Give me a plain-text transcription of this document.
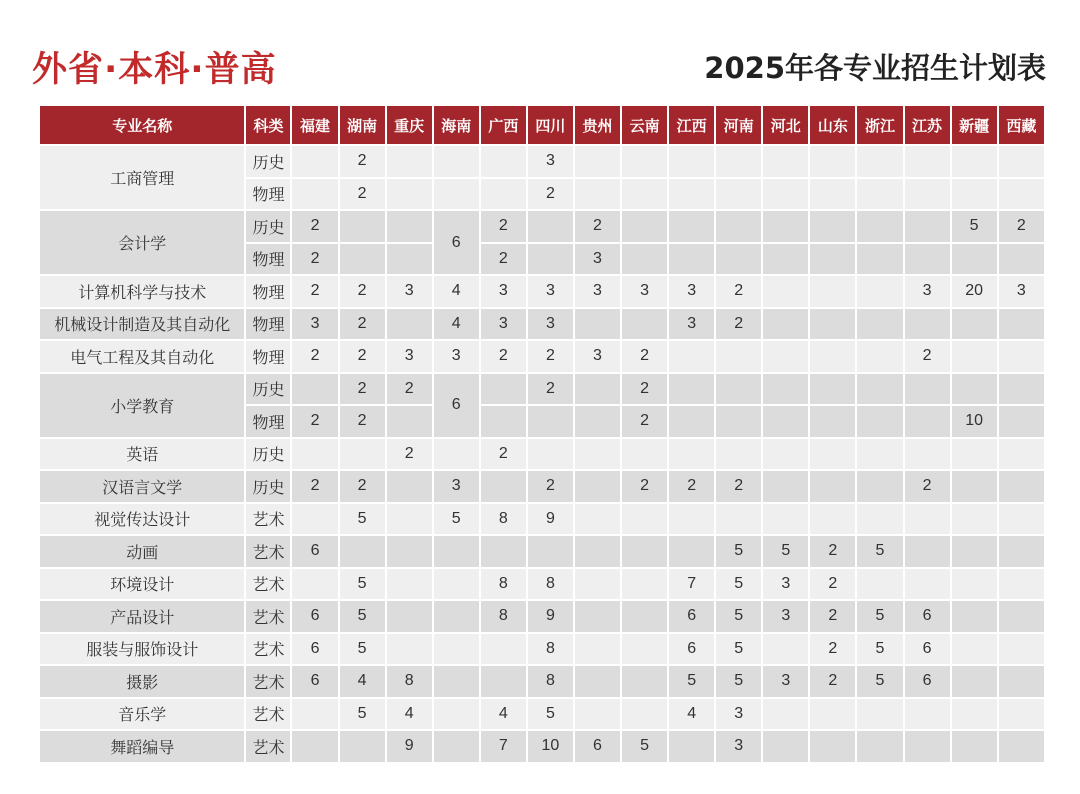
外省·本科·普高	2025年各专业招生计划表
专业名称	科类	福建	湖南	重庆	海南	广西	四川	贵州	云南	江西	河南	河北	山东	浙江	江苏	新疆	西藏
工商管理	历史		2				3										
	物理		2				2										
会计学	历史	2			6	2		2								5	2
	物理	2				2		3									
计算机科学与技术	物理	2	2	3	4	3	3	3	3	3	2				3	20	3
机械设计制造及其自动化	物理	3	2		4	3	3			3	2						
电气工程及其自动化	物理	2	2	3	3	2	2	3	2						2		
小学教育	历史		2	2	6		2		2								
	物理	2	2						2							10	
英语	历史			2		2											
汉语言文学	历史	2	2		3		2		2	2	2				2		
视觉传达设计	艺术		5		5	8	9										
动画	艺术	6									5	5	2	5			
环境设计	艺术		5			8	8			7	5	3	2				
产品设计	艺术	6	5			8	9			6	5	3	2	5	6		
服装与服饰设计	艺术	6	5				8			6	5		2	5	6		
摄影	艺术	6	4	8			8			5	5	3	2	5	6		
音乐学	艺术		5	4		4	5			4	3						
舞蹈编导	艺术			9		7	10	6	5		3						
